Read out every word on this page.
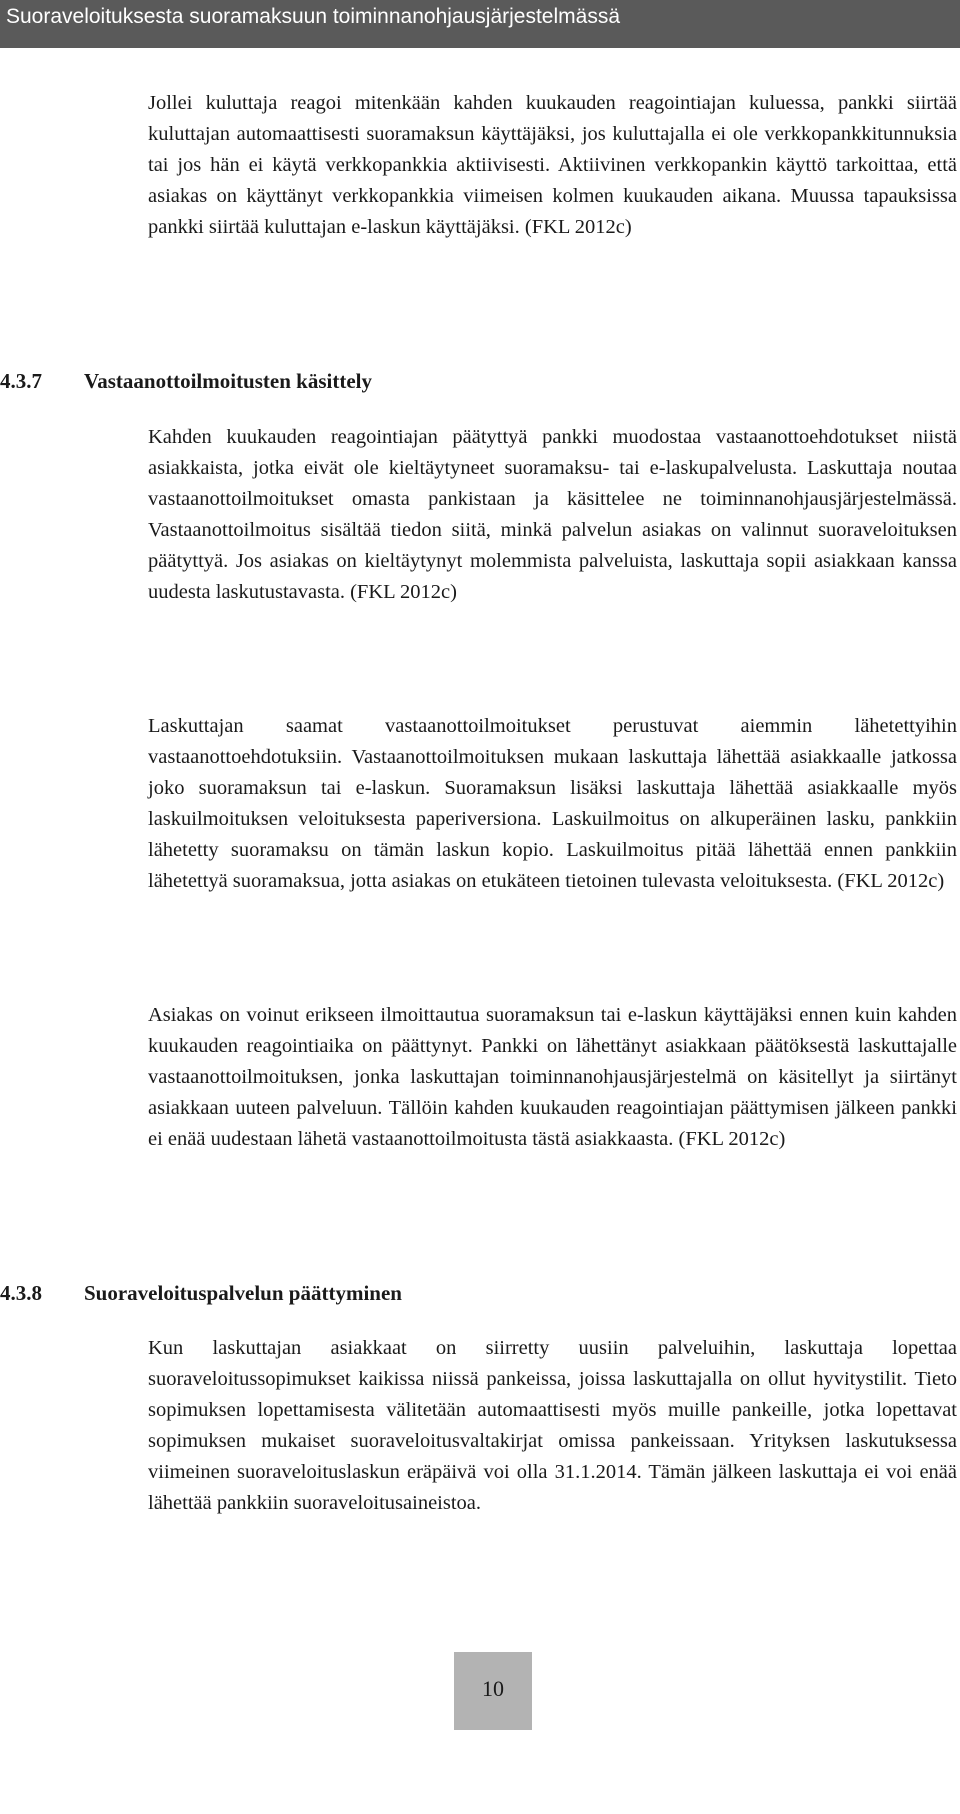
Suoraveloituksesta suoramaksuun toiminnanohjausjärjestelmässä

Jollei kuluttaja reagoi mitenkään kahden kuukauden reagointiajan kuluessa, pankki siirtää kuluttajan automaattisesti suoramaksun käyttäjäksi, jos kuluttajalla ei ole verkkopankkitunnuksia tai jos hän ei käytä verkkopankkia aktiivisesti. Aktiivinen verkkopankin käyttö tarkoittaa, että asiakas on käyttänyt verkkopankkia viimeisen kolmen kuukauden aikana. Muussa tapauksissa pankki siirtää kuluttajan e-laskun käyttäjäksi. (FKL 2012c)

4.3.7 Vastaanottoilmoitusten käsittely

Kahden kuukauden reagointiajan päätyttyä pankki muodostaa vastaanottoehdotukset niistä asiakkaista, jotka eivät ole kieltäytyneet suoramaksu- tai e-laskupalvelusta. Laskuttaja noutaa vastaanottoilmoitukset omasta pankistaan ja käsittelee ne toiminnanohjausjärjestelmässä. Vastaanottoilmoitus sisältää tiedon siitä, minkä palvelun asiakas on valinnut suoraveloituksen päätyttyä. Jos asiakas on kieltäytynyt molemmista palveluista, laskuttaja sopii asiakkaan kanssa uudesta laskutustavasta. (FKL 2012c)

Laskuttajan saamat vastaanottoilmoitukset perustuvat aiemmin lähetettyihin vastaanottoehdotuksiin. Vastaanottoilmoituksen mukaan laskuttaja lähettää asiakkaalle jatkossa joko suoramaksun tai e-laskun. Suoramaksun lisäksi laskuttaja lähettää asiakkaalle myös laskuilmoituksen veloituksesta paperiversiona. Laskuilmoitus on alkuperäinen lasku, pankkiin lähetetty suoramaksu on tämän laskun kopio. Laskuilmoitus pitää lähettää ennen pankkiin lähetettyä suoramaksua, jotta asiakas on etukäteen tietoinen tulevasta veloituksesta. (FKL 2012c)

Asiakas on voinut erikseen ilmoittautua suoramaksun tai e-laskun käyttäjäksi ennen kuin kahden kuukauden reagointiaika on päättynyt. Pankki on lähettänyt asiakkaan päätöksestä laskuttajalle vastaanottoilmoituksen, jonka laskuttajan toiminnanohjausjärjestelmä on käsitellyt ja siirtänyt asiakkaan uuteen palveluun. Tällöin kahden kuukauden reagointiajan päättymisen jälkeen pankki ei enää uudestaan lähetä vastaanottoilmoitusta tästä asiakkaasta. (FKL 2012c)

4.3.8 Suoraveloituspalvelun päättyminen

Kun laskuttajan asiakkaat on siirretty uusiin palveluihin, laskuttaja lopettaa suoraveloitussopimukset kaikissa niissä pankeissa, joissa laskuttajalla on ollut hyvitystilit. Tieto sopimuksen lopettamisesta välitetään automaattisesti myös muille pankeille, jotka lopettavat sopimuksen mukaiset suoraveloitusvaltakirjat omissa pankeissaan. Yrityksen laskutuksessa viimeinen suoraveloituslaskun eräpäivä voi olla 31.1.2014. Tämän jälkeen laskuttaja ei voi enää lähettää pankkiin suoraveloitusaineistoa.

10
